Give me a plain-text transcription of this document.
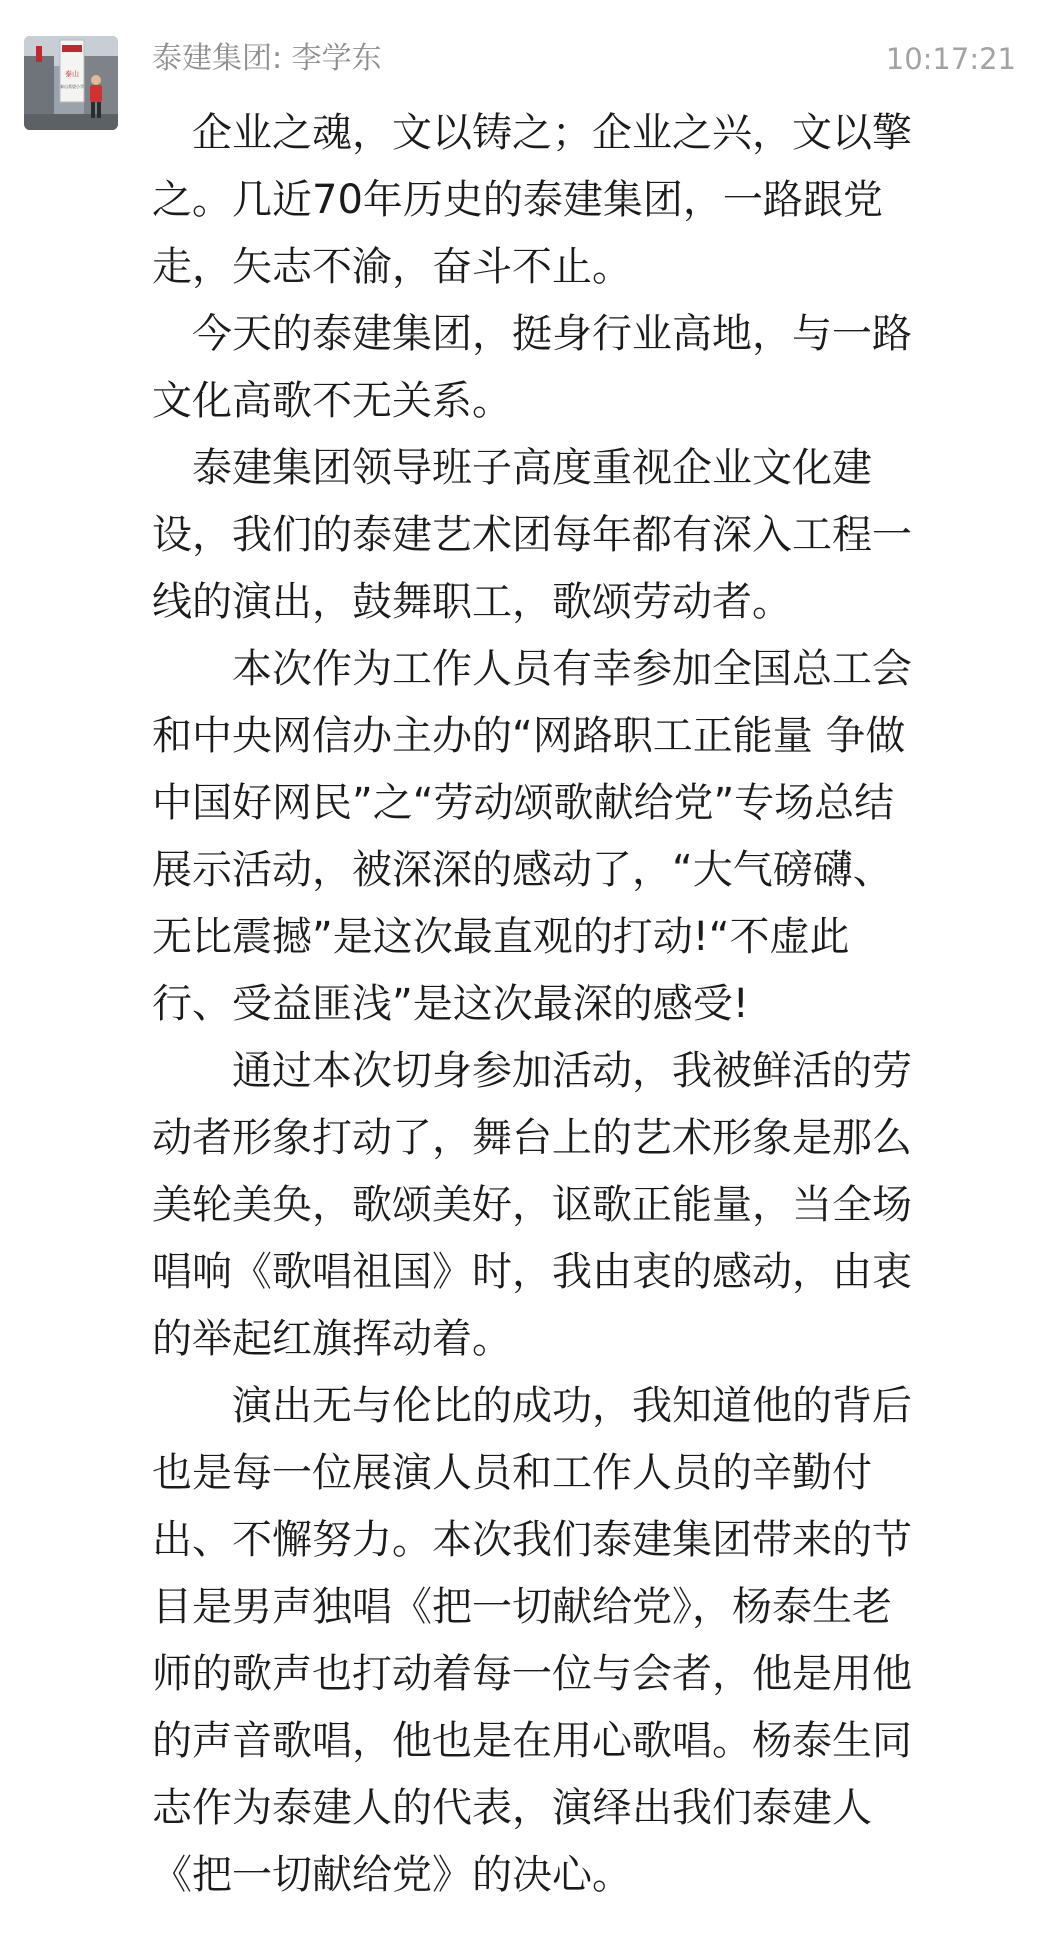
泰山
泰山希望小学
泰建集团: 李学东	10:17:21

　企业之魂，文以铸之；企业之兴，文以擎
之。几近70年历史的泰建集团，一路跟党
走，矢志不渝，奋斗不止。

　今天的泰建集团，挺身行业高地，与一路
文化高歌不无关系。

　泰建集团领导班子高度重视企业文化建
设，我们的泰建艺术团每年都有深入工程一
线的演出，鼓舞职工，歌颂劳动者。

　　本次作为工作人员有幸参加全国总工会
和中央网信办主办的“网路职工正能量 争做
中国好网民”之“劳动颂歌献给党”专场总结
展示活动，被深深的感动了，“大气磅礴、
无比震撼”是这次最直观的打动!“不虚此
行、受益匪浅”是这次最深的感受!

　　通过本次切身参加活动，我被鲜活的劳
动者形象打动了，舞台上的艺术形象是那么
美轮美奂，歌颂美好，讴歌正能量，当全场
唱响《歌唱祖国》时，我由衷的感动，由衷
的举起红旗挥动着。

　　演出无与伦比的成功，我知道他的背后
也是每一位展演人员和工作人员的辛勤付
出、不懈努力。本次我们泰建集团带来的节
目是男声独唱《把一切献给党》，杨泰生老
师的歌声也打动着每一位与会者，他是用他
的声音歌唱，他也是在用心歌唱。杨泰生同
志作为泰建人的代表，演绎出我们泰建人
《把一切献给党》的决心。
